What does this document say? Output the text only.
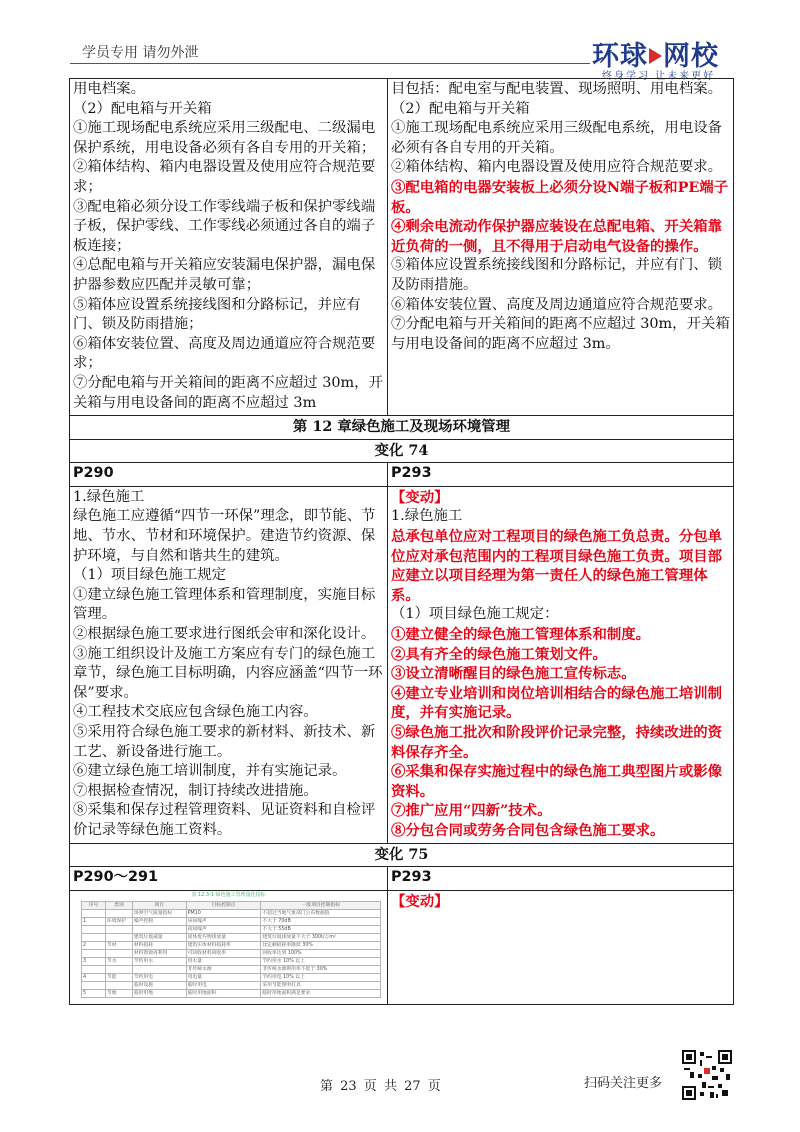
学员专用 请勿外泄	环球 网校
终身学习 让未来更好
用电档案。
（2）配电箱与开关箱
①施工现场配电系统应采用三级配电、二级漏电保护系统，用电设备必须有各自专用的开关箱；
②箱体结构、箱内电器设置及使用应符合规范要求；
③配电箱必须分设工作零线端子板和保护零线端子板，保护零线、工作零线必须通过各自的端子板连接；
④总配电箱与开关箱应安装漏电保护器，漏电保护器参数应匹配并灵敏可靠；
⑤箱体应设置系统接线图和分路标记，并应有门、锁及防雨措施；
⑥箱体安装位置、高度及周边通道应符合规范要求；
⑦分配电箱与开关箱间的距离不应超过 30m，开关箱与用电设备间的距离不应超过 3m

目包括：配电室与配电装置、现场照明、用电档案。
（2）配电箱与开关箱
①施工现场配电系统应采用三级配电系统，用电设备必须有各自专用的开关箱。
②箱体结构、箱内电器设置及使用应符合规范要求。
③配电箱的电器安装板上必须分设N端子板和PE端子板。
④剩余电流动作保护器应装设在总配电箱、开关箱靠近负荷的一侧，且不得用于启动电气设备的操作。
⑤箱体应设置系统接线图和分路标记，并应有门、锁及防雨措施。
⑥箱体安装位置、高度及周边通道应符合规范要求。
⑦分配电箱与开关箱间的距离不应超过 30m，开关箱与用电设备间的距离不应超过 3m。

第 12 章绿色施工及现场环境管理
变化 74
P290	P293

1.绿色施工
绿色施工应遵循“四节一环保”理念，即节能、节地、节水、节材和环境保护。建造节约资源、保护环境，与自然和谐共生的建筑。
（1）项目绿色施工规定
①建立绿色施工管理体系和管理制度，实施目标管理。
②根据绿色施工要求进行图纸会审和深化设计。
③施工组织设计及施工方案应有专门的绿色施工章节，绿色施工目标明确，内容应涵盖“四节一环保”要求。
④工程技术交底应包含绿色施工内容。
⑤采用符合绿色施工要求的新材料、新技术、新工艺、新设备进行施工。
⑥建立绿色施工培训制度，并有实施记录。
⑦根据检查情况，制订持续改进措施。
⑧采集和保存过程管理资料、见证资料和自检评价记录等绿色施工资料。

【变动】
1.绿色施工
总承包单位应对工程项目的绿色施工负总责。分包单位应对承包范围内的工程项目绿色施工负责。项目部应建立以项目经理为第一责任人的绿色施工管理体系。
（1）项目绿色施工规定：
①建立健全的绿色施工管理体系和制度。
②具有齐全的绿色施工策划文件。
③设立清晰醒目的绿色施工宣传标志。
④建立专业培训和岗位培训相结合的绿色施工培训制度，并有实施记录。
⑤绿色施工批次和阶段评价记录完整，持续改进的资料保存齐全。
⑥采集和保存实施过程中的绿色施工典型图片或影像资料。
⑦推广应用“四新”技术。
⑧分包合同或劳务合同包含绿色施工要求。

变化 75
P290～291	P293

表 12.3-1 绿色施工管理量化指标
序号	类别	项目	目标控制点	一般项目控制指标
		场界空气质量指标	PM10	不超过当地气象部门公布数据值
1	环境保护	噪声控制	昼间噪声	不大于 70dB
			夜间噪声	不大于 55dB
		建筑垃圾减量	固体废弃物排放量	建筑垃圾排放量不大于 300t/万m²
2	节材	材料损耗	建筑实体材料损耗率	比定额损耗率降低 30%
		材料资源再利用	可回收材料回收率	回收率达到 100%
3	节水	节约用水	用水量	节约用水 10% 以上
			非传统水源	非传统水源利用率不低于 30%
4	节能	节约用电	用电量	节约用电 10% 以上
		临时设施	临时用电	采用节能照明灯具
5	节地	临时用地	临时用地面积	临时用地面积满足要求

【变动】
第 23 页 共 27 页	扫码关注更多
